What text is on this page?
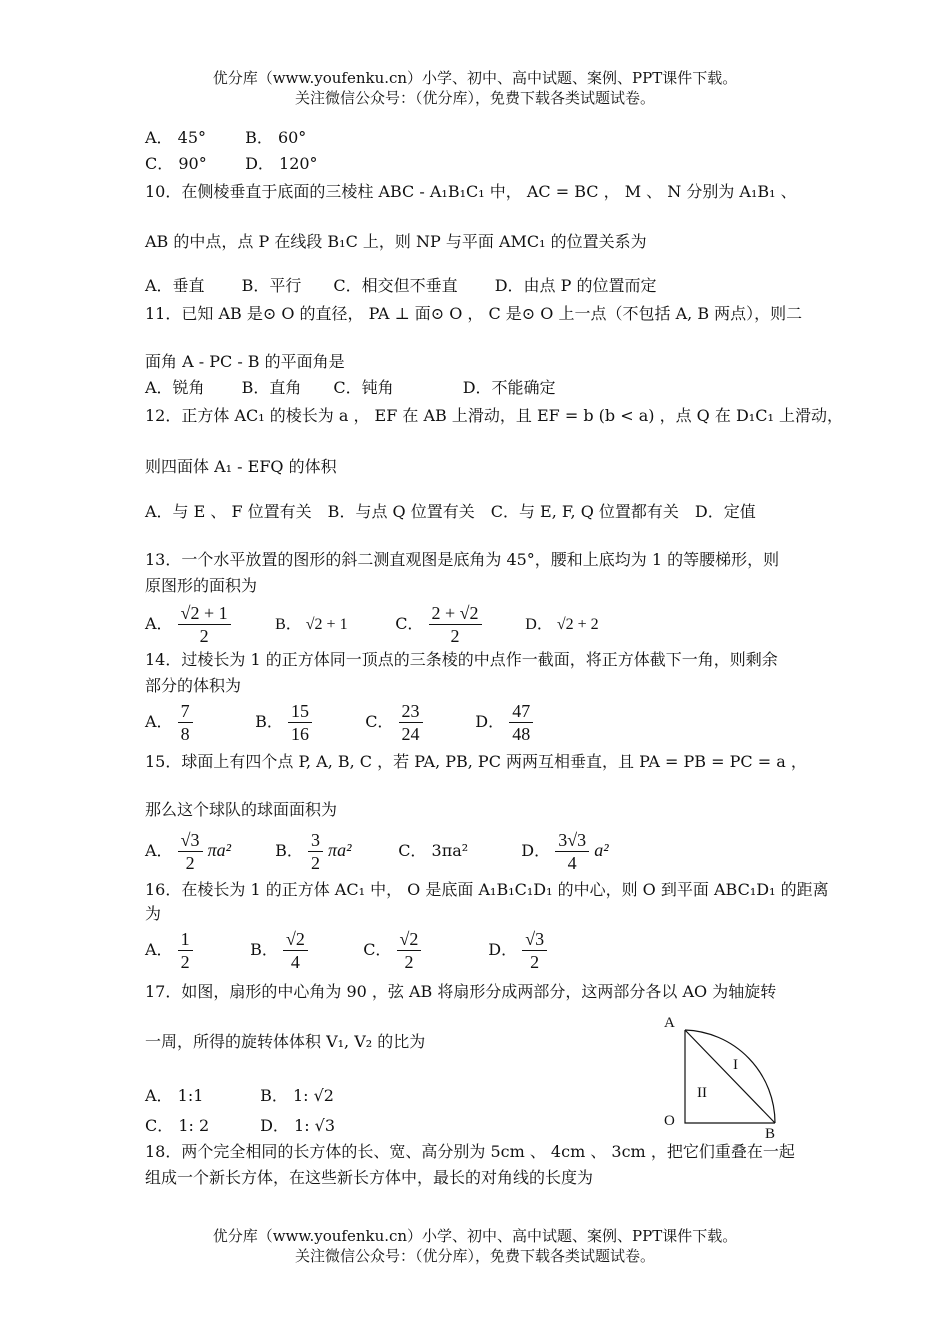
优分库（www.youfenku.cn）小学、初中、高中试题、案例、PPT课件下载。
关注微信公众号：（优分库），免费下载各类试题试卷。
A． 45° B． 60°
C． 90° D． 120°
10．在侧棱垂直于底面的三棱柱 ABC - A₁B₁C₁ 中， AC = BC ， M 、 N 分别为 A₁B₁ 、
AB 的中点，点 P 在线段 B₁C 上，则 NP 与平面 AMC₁ 的位置关系为
A．垂直　　 B．平行　　C．相交但不垂直　　 D．由点 P 的位置而定
11．已知 AB 是⊙ O 的直径， PA ⊥ 面⊙ O ， C 是⊙ O 上一点（不包括 A, B 两点），则二
面角 A - PC - B 的平面角是
A．锐角　　 B．直角　　C．钝角　　　　 D．不能确定
12．正方体 AC₁ 的棱长为 a ， EF 在 AB 上滑动，且 EF = b (b < a) ，点 Q 在 D₁C₁ 上滑动，
则四面体 A₁ - EFQ 的体积
A．与 E 、 F 位置有关　B．与点 Q 位置有关　C．与 E, F, Q 位置都有关　D．定值
13．一个水平放置的图形的斜二测直观图是底角为 45°，腰和上底均为 1 的等腰梯形，则
原图形的面积为
A． $\frac{√2 + 1}{2}$	B． √2 + 1	C． $\frac{2 + √2}{2}$	D． √2 + 2
14．过棱长为 1 的正方体同一顶点的三条棱的中点作一截面，将正方体截下一角，则剩余
部分的体积为
A． $\frac{7}{8}$	B． $\frac{15}{16}$	C． $\frac{23}{24}$	D． $\frac{47}{48}$
15．球面上有四个点 P, A, B, C ，若 PA, PB, PC 两两互相垂直，且 PA = PB = PC = a ，
那么这个球队的球面面积为
A． $\frac{√3}{2} \pi a^2$	B． $\frac{3}{2} \pi a^2$	C． 3πa²	D． $\frac{3√3}{4} a^2$
16．在棱长为 1 的正方体 AC₁ 中， O 是底面 A₁B₁C₁D₁ 的中心，则 O 到平面 ABC₁D₁ 的距离
为
A． $\frac{1}{2}$	B． $\frac{√2}{4}$	C． $\frac{√2}{2}$	D． $\frac{√3}{2}$
17．如图，扇形的中心角为 90 ，弦 AB 将扇形分成两部分，这两部分各以 AO 为轴旋转
一周，所得的旋转体体积 V₁, V₂ 的比为
A． 1:1	B． 1: √2
C． 1: 2	D． 1: √3
A
O
B
I
II
18．两个完全相同的长方体的长、宽、高分别为 5cm 、 4cm 、 3cm ，把它们重叠在一起
组成一个新长方体，在这些新长方体中，最长的对角线的长度为
优分库（www.youfenku.cn）小学、初中、高中试题、案例、PPT课件下载。
关注微信公众号：（优分库），免费下载各类试题试卷。
